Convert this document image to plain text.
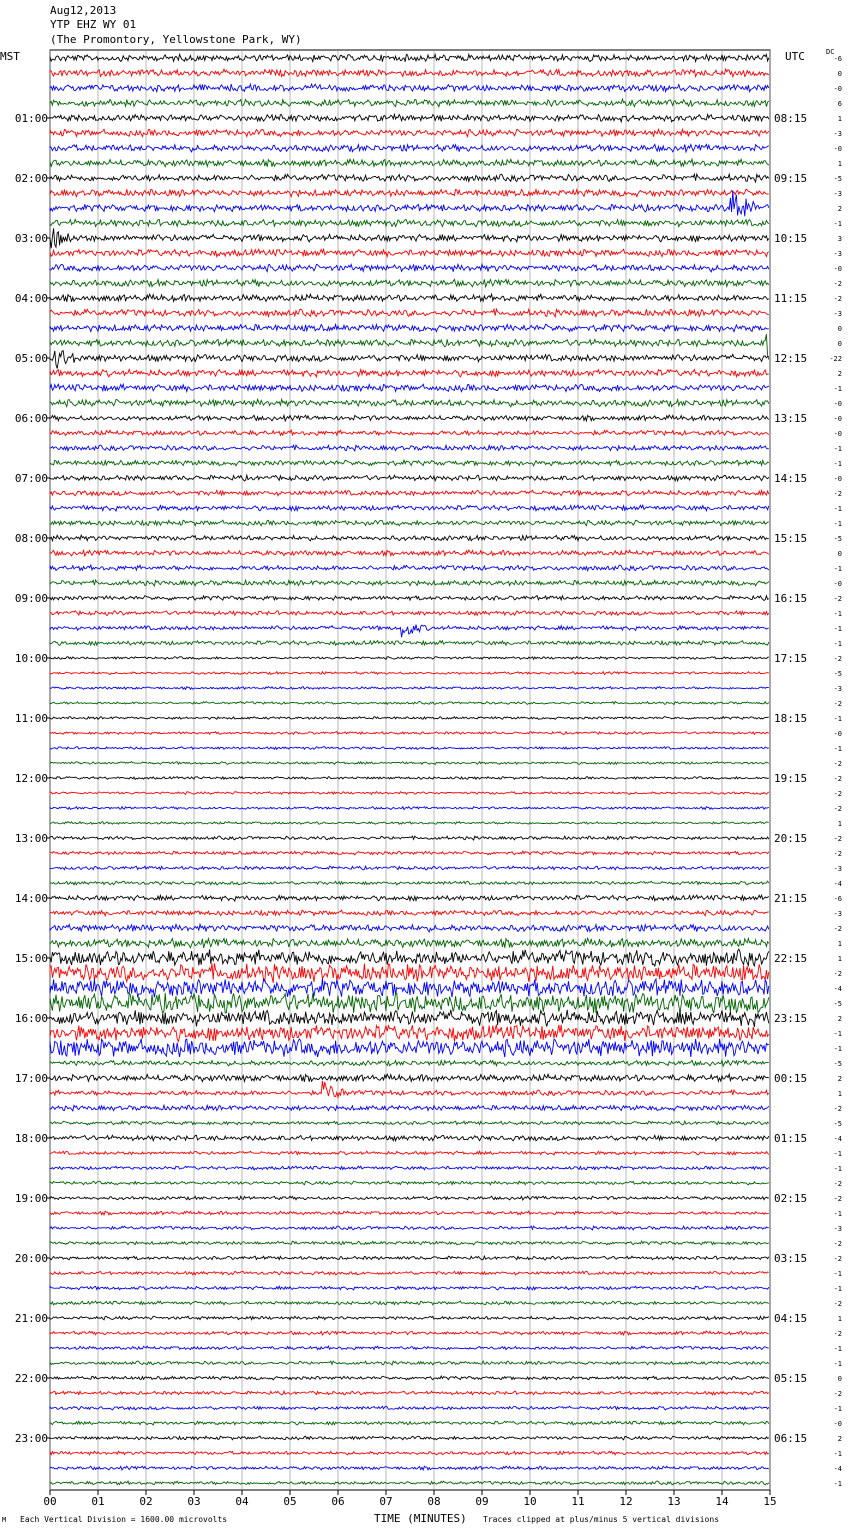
Aug12,2013
YTP EHZ WY 01
(The Promontory, Yellowstone Park, WY)
MST	UTC	DC
00	01	02	03	04	05	06	07	08	09	10	11	12	13	14	15
-6
0
-0
6
1
-3
-0
1
-5
-3
2
-1
3
-3
-0
-2
-2
-3
0
0
-22
2
-1
-0
-0
-0
-1
-1
-0
-2
-1
-1
-5
0
-1
-0
-2
-1
-1
-1
-2
-5
-3
-2
-1
-0
-1
-2
-2
-2
-2
1
-2
-2
-3
-4
-6
-3
-2
1
1
-2
-4
-5
2
-1
-1
-5
2
1
-2
-5
-4
-1
-1
-2
-2
-1
-3
-2
-2
-1
-1
-2
1
-2
-1
-1
0
-2
-1
-0
2
-1
-4
-1
01:00
02:00
03:00
04:00
05:00
06:00
07:00
08:00
09:00
10:00
11:00
12:00
13:00
14:00
15:00
16:00
17:00
18:00
19:00
20:00
21:00
22:00
23:00
08:15
09:15
10:15
11:15
12:15
13:15
14:15
15:15
16:15
17:15
18:15
19:15
20:15
21:15
22:15
23:15
00:15
01:15
02:15
03:15
04:15
05:15
06:15
M Each Vertical Division = 1600.00 microvolts	TIME (MINUTES) Traces clipped at plus/minus 5 vertical divisions
